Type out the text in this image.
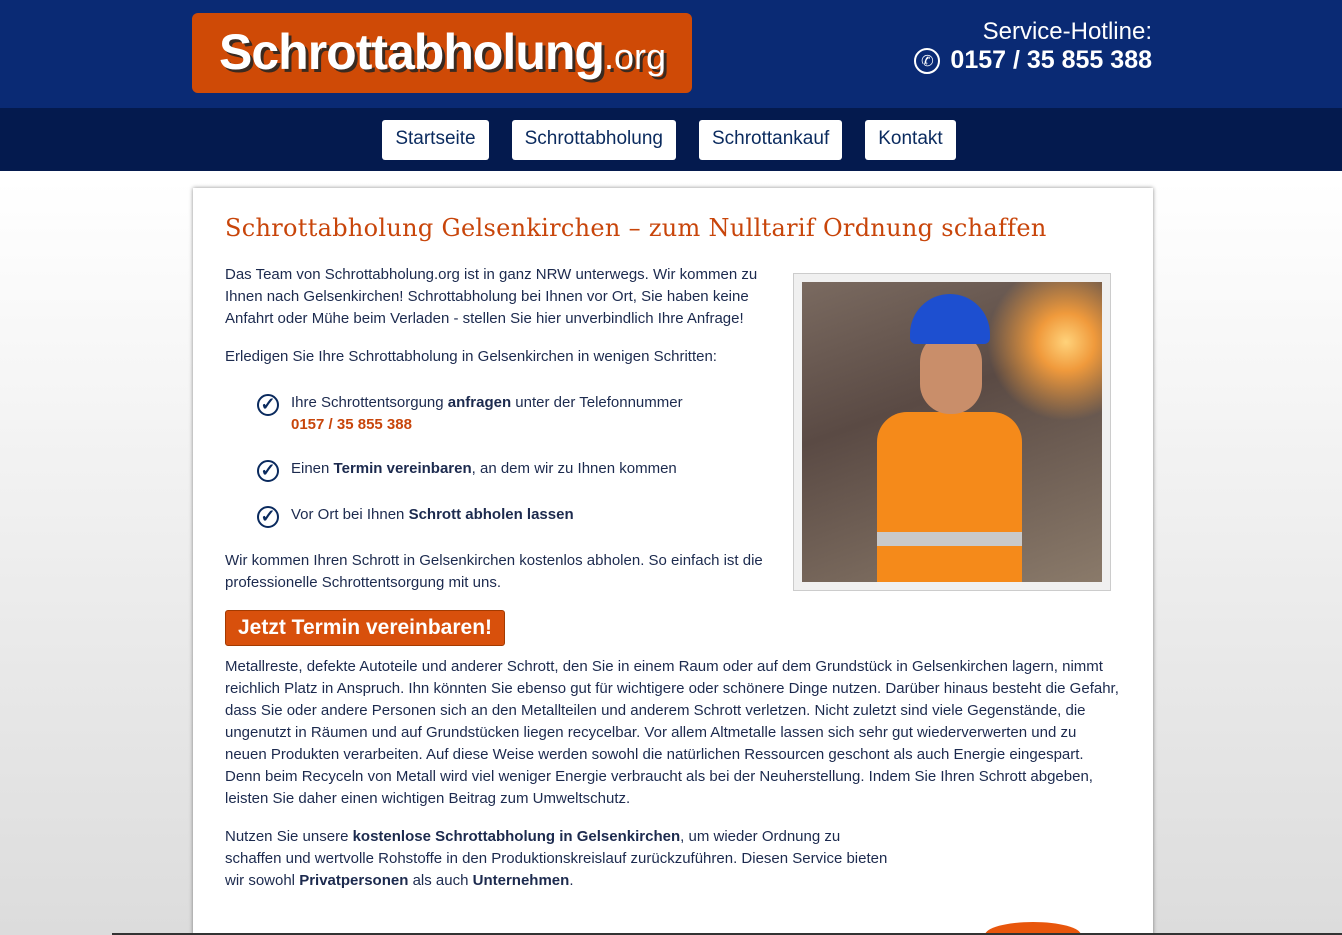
Schrottabholung.org
Service-Hotline:
✆ 0157 / 35 855 388
Startseite	Schrottabholung	Schrottankauf	Kontakt
Schrottabholung Gelsenkirchen – zum Nulltarif Ordnung schaffen

Das Team von Schrottabholung.org ist in ganz NRW unterwegs. Wir kommen zu Ihnen nach Gelsenkirchen! Schrottabholung bei Ihnen vor Ort, Sie haben keine Anfahrt oder Mühe beim Verladen - stellen Sie hier unverbindlich Ihre Anfrage!

Erledigen Sie Ihre Schrottabholung in Gelsenkirchen in wenigen Schritten:

✓ Ihre Schrottentsorgung anfragen unter der Telefonnummer
0157 / 35 855 388
✓ Einen Termin vereinbaren, an dem wir zu Ihnen kommen
✓ Vor Ort bei Ihnen Schrott abholen lassen

Wir kommen Ihren Schrott in Gelsenkirchen kostenlos abholen. So einfach ist die professionelle Schrottentsorgung mit uns.

Jetzt Termin vereinbaren!

Metallreste, defekte Autoteile und anderer Schrott, den Sie in einem Raum oder auf dem Grundstück in Gelsenkirchen lagern, nimmt reichlich Platz in Anspruch. Ihn könnten Sie ebenso gut für wichtigere oder schönere Dinge nutzen. Darüber hinaus besteht die Gefahr, dass Sie oder andere Personen sich an den Metallteilen und anderem Schrott verletzen. Nicht zuletzt sind viele Gegenstände, die ungenutzt in Räumen und auf Grundstücken liegen recycelbar. Vor allem Altmetalle lassen sich sehr gut wiederverwerten und zu neuen Produkten verarbeiten. Auf diese Weise werden sowohl die natürlichen Ressourcen geschont als auch Energie eingespart. Denn beim Recyceln von Metall wird viel weniger Energie verbraucht als bei der Neuherstellung. Indem Sie Ihren Schrott abgeben, leisten Sie daher einen wichtigen Beitrag zum Umweltschutz.

Nutzen Sie unsere kostenlose Schrottabholung in Gelsenkirchen, um wieder Ordnung zu schaffen und wertvolle Rohstoffe in den Produktionskreislauf zurückzuführen. Diesen Service bieten wir sowohl Privatpersonen als auch Unternehmen.
